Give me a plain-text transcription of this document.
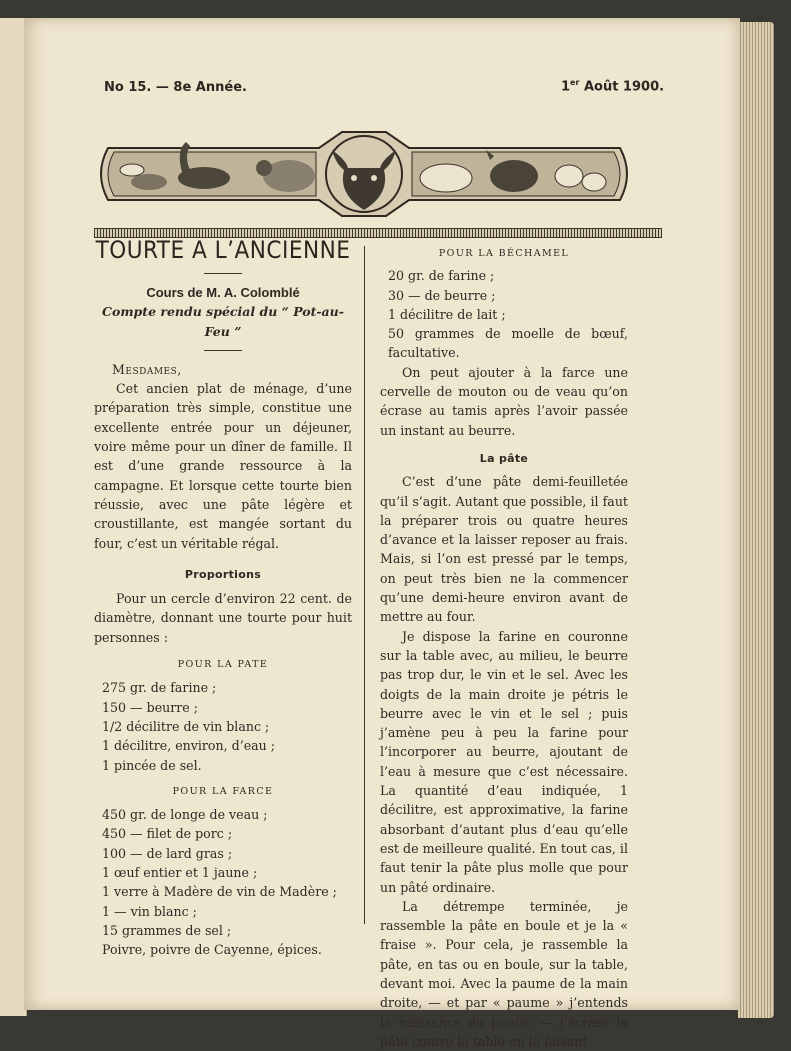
No 15. — 8e Année.	1er Août 1900.
TOURTE A L’ANCIENNE

Cours de M. A. Colomblé

Compte rendu spécial du “ Pot-au-Feu ”

Mesdames,

Cet ancien plat de ménage, d’une préparation très simple, constitue une excellente entrée pour un déjeuner, voire même pour un dîner de famille. Il est d’une grande ressource à la campagne. Et lorsque cette tourte bien réussie, avec une pâte légère et croustillante, est mangée sortant du four, c’est un véritable régal.

Proportions

Pour un cercle d’environ 22 cent. de diamètre, donnant une tourte pour huit personnes :

POUR LA PATE

275 gr. de farine ;

150 — beurre ;

1/2 décilitre de vin blanc ;

1 décilitre, environ, d’eau ;

1 pincée de sel.

POUR LA FARCE

450 gr. de longe de veau ;

450 — filet de porc ;

100 — de lard gras ;

1 œuf entier et 1 jaune ;

1 verre à Madère de vin de Madère ;

1 — vin blanc ;

15 grammes de sel ;

Poivre, poivre de Cayenne, épices.

POUR LA BÉCHAMEL

20 gr. de farine ;

30 — de beurre ;

1 décilitre de lait ;

50 grammes de moelle de bœuf, facultative.

On peut ajouter à la farce une cervelle de mouton ou de veau qu’on écrase au tamis après l’avoir passée un instant au beurre.

La pâte

C’est d’une pâte demi-feuilletée qu’il s’agit. Autant que possible, il faut la préparer trois ou quatre heures d’avance et la laisser reposer au frais. Mais, si l’on est pressé par le temps, on peut très bien ne la commencer qu’une demi-heure environ avant de mettre au four.

Je dispose la farine en couronne sur la table avec, au milieu, le beurre pas trop dur, le vin et le sel. Avec les doigts de la main droite je pétris le beurre avec le vin et le sel ; puis j’amène peu à peu la farine pour l’incorporer au beurre, ajoutant de l’eau à mesure que c’est nécessaire. La quantité d’eau indiquée, 1 décilitre, est approximative, la farine absorbant d’autant plus d’eau qu’elle est de meilleure qualité. En tout cas, il faut tenir la pâte plus molle que pour un pâté ordinaire.

La détrempe terminée, je rassemble la pâte en boule et je la « fraise ». Pour cela, je rassemble la pâte, en tas ou en boule, sur la table, devant moi. Avec la paume de la main droite, — et par « paume » j’entends la naissance du pouce, — j’écrase la pâte contre la table en la faisant
